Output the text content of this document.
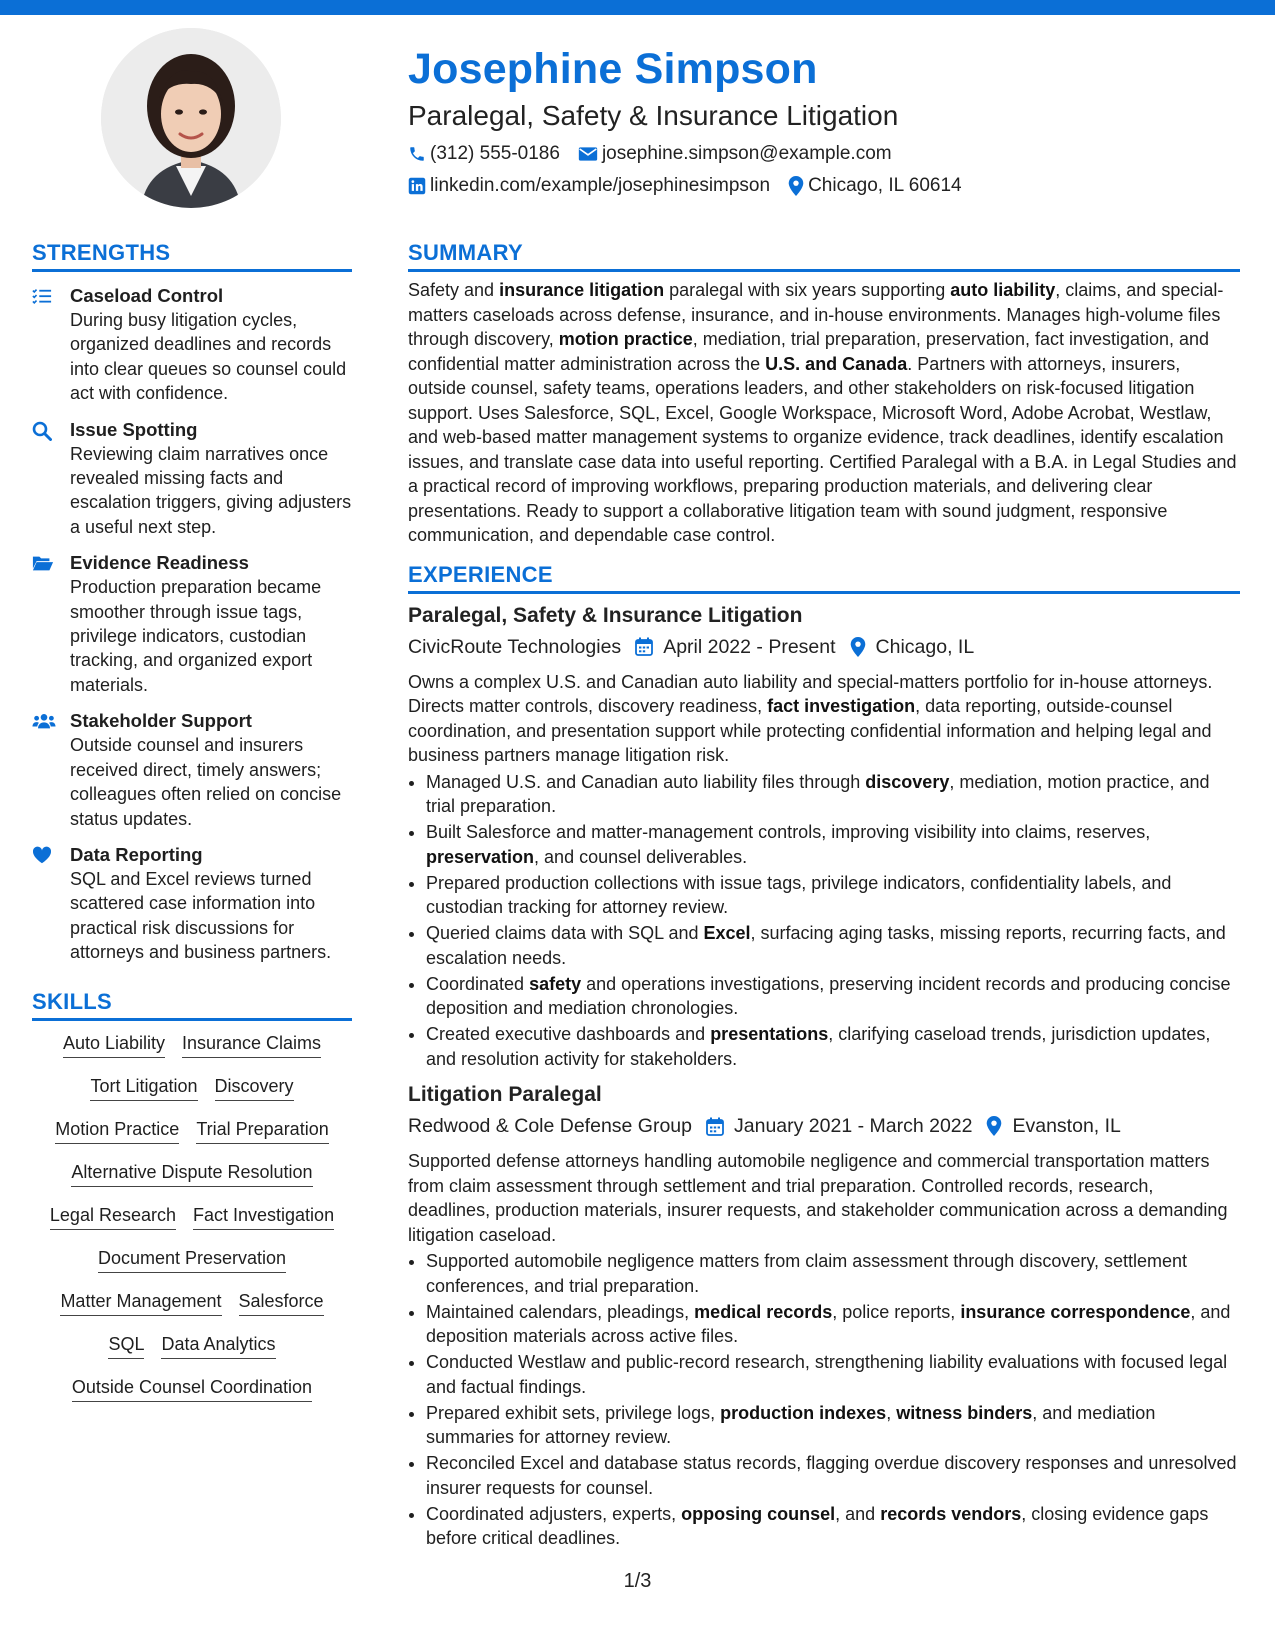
Josephine Simpson
Paralegal, Safety & Insurance Litigation
(312) 555-0186 josephine.simpson@example.com
linkedin.com/example/josephinesimpson Chicago, IL 60614
STRENGTHS
Caseload Control
During busy litigation cycles, organized deadlines and records into clear queues so counsel could act with confidence.
Issue Spotting
Reviewing claim narratives once revealed missing facts and escalation triggers, giving adjusters a useful next step.
Evidence Readiness
Production preparation became smoother through issue tags, privilege indicators, custodian tracking, and organized export materials.
Stakeholder Support
Outside counsel and insurers received direct, timely answers; colleagues often relied on concise status updates.
Data Reporting
SQL and Excel reviews turned scattered case information into practical risk discussions for attorneys and business partners.
SKILLS
Auto Liability Insurance Claims
Tort Litigation Discovery
Motion Practice Trial Preparation
Alternative Dispute Resolution
Legal Research Fact Investigation
Document Preservation
Matter Management Salesforce
SQL Data Analytics
Outside Counsel Coordination
SUMMARY

Safety and insurance litigation paralegal with six years supporting auto liability, claims, and special-matters caseloads across defense, insurance, and in-house environments. Manages high-volume files through discovery, motion practice, mediation, trial preparation, preservation, fact investigation, and confidential matter administration across the U.S. and Canada. Partners with attorneys, insurers, outside counsel, safety teams, operations leaders, and other stakeholders on risk-focused litigation support. Uses Salesforce, SQL, Excel, Google Workspace, Microsoft Word, Adobe Acrobat, Westlaw, and web-based matter management systems to organize evidence, track deadlines, identify escalation issues, and translate case data into useful reporting. Certified Paralegal with a B.A. in Legal Studies and a practical record of improving workflows, preparing production materials, and delivering clear presentations. Ready to support a collaborative litigation team with sound judgment, responsive communication, and dependable case control.

EXPERIENCE
Paralegal, Safety & Insurance Litigation
CivicRoute Technologies April 2022 - Present Chicago, IL

Owns a complex U.S. and Canadian auto liability and special-matters portfolio for in-house attorneys. Directs matter controls, discovery readiness, fact investigation, data reporting, outside-counsel coordination, and presentation support while protecting confidential information and helping legal and business partners manage litigation risk.

• Managed U.S. and Canadian auto liability files through discovery, mediation, motion practice, and trial preparation.
• Built Salesforce and matter-management controls, improving visibility into claims, reserves, preservation, and counsel deliverables.
• Prepared production collections with issue tags, privilege indicators, confidentiality labels, and custodian tracking for attorney review.
• Queried claims data with SQL and Excel, surfacing aging tasks, missing reports, recurring facts, and escalation needs.
• Coordinated safety and operations investigations, preserving incident records and producing concise deposition and mediation chronologies.
• Created executive dashboards and presentations, clarifying caseload trends, jurisdiction updates, and resolution activity for stakeholders.
Litigation Paralegal
Redwood & Cole Defense Group January 2021 - March 2022 Evanston, IL

Supported defense attorneys handling automobile negligence and commercial transportation matters from claim assessment through settlement and trial preparation. Controlled records, research, deadlines, production materials, insurer requests, and stakeholder communication across a demanding litigation caseload.

• Supported automobile negligence matters from claim assessment through discovery, settlement conferences, and trial preparation.
• Maintained calendars, pleadings, medical records, police reports, insurance correspondence, and deposition materials across active files.
• Conducted Westlaw and public-record research, strengthening liability evaluations with focused legal and factual findings.
• Prepared exhibit sets, privilege logs, production indexes, witness binders, and mediation summaries for attorney review.
• Reconciled Excel and database status records, flagging overdue discovery responses and unresolved insurer requests for counsel.
• Coordinated adjusters, experts, opposing counsel, and records vendors, closing evidence gaps before critical deadlines.
1/3
